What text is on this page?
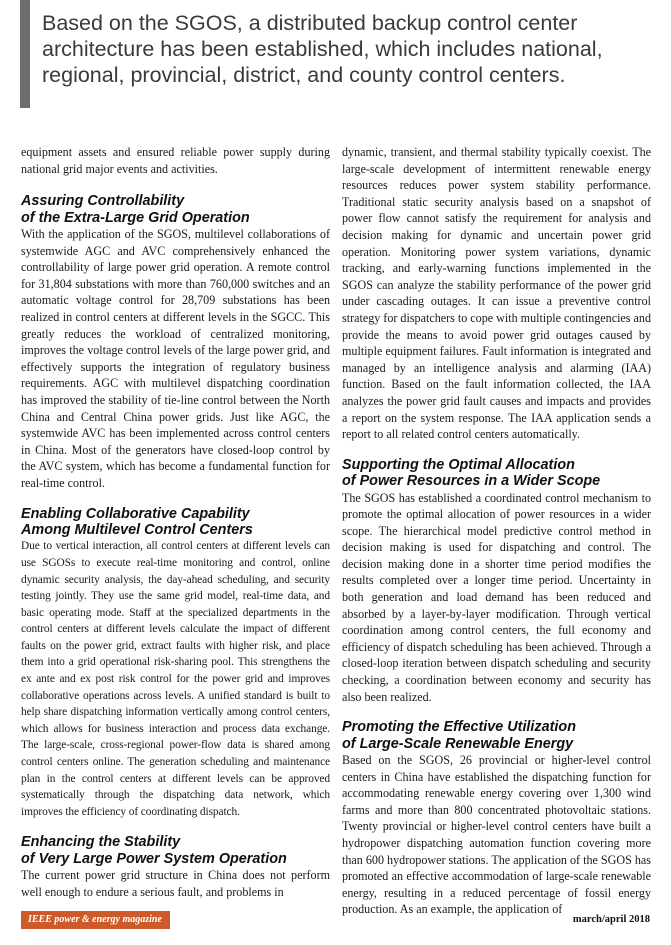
Based on the SGOS, a distributed backup control center architecture has been established, which includes national, regional, provincial, district, and county control centers.

equipment assets and ensured reliable power supply during national grid major events and activities.

Assuring Controllability
of the Extra-Large Grid Operation

With the application of the SGOS, multilevel collaborations of systemwide AGC and AVC comprehensively enhanced the controllability of large power grid operation. A remote control for 31,804 substations with more than 760,000 switches and an automatic voltage control for 28,709 substations has been realized in control centers at different levels in the SGCC. This greatly reduces the workload of centralized monitoring, improves the voltage control levels of the large power grid, and effectively supports the integration of regulatory business requirements. AGC with multilevel dispatching coordination has improved the stability of tie-line control between the North China and Central China power grids. Just like AGC, the systemwide AVC has been implemented across control centers in China. Most of the generators have closed-loop control by the AVC system, which has become a fundamental function for real-time control.

Enabling Collaborative Capability
Among Multilevel Control Centers

Due to vertical interaction, all control centers at different levels can use SGOSs to execute real-time monitoring and control, online dynamic security analysis, the day-ahead scheduling, and security testing jointly. They use the same grid model, real-time data, and basic operating mode. Staff at the specialized departments in the control centers at different levels calculate the impact of different faults on the power grid, extract faults with higher risk, and place them into a grid operational risk-sharing pool. This strengthens the ex ante and ex post risk control for the power grid and improves collaborative operations across levels. A unified standard is built to help share dispatching information vertically among control centers, which allows for business interaction and process data exchange. The large-scale, cross-regional power-flow data is shared among control centers online. The generation scheduling and maintenance plan in the control centers at different levels can be approved systematically through the dispatching data network, which improves the efficiency of coordinating dispatch.

Enhancing the Stability
of Very Large Power System Operation

The current power grid structure in China does not perform well enough to endure a serious fault, and problems in

dynamic, transient, and thermal stability typically coexist. The large-scale development of intermittent renewable energy resources reduces power system stability performance. Traditional static security analysis based on a snapshot of power flow cannot satisfy the requirement for analysis and decision making for dynamic and uncertain power grid operation. Monitoring power system variations, dynamic tracking, and early-warning functions implemented in the SGOS can analyze the stability performance of the power grid under cascading outages. It can issue a preventive control strategy for dispatchers to cope with multiple contingencies and provide the means to avoid power grid outages caused by multiple equipment failures. Fault information is integrated and managed by an intelligence analysis and alarming (IAA) function. Based on the fault information collected, the IAA analyzes the power grid fault causes and impacts and provides a report on the system response. The IAA application sends a report to all related control centers automatically.

Supporting the Optimal Allocation
of Power Resources in a Wider Scope

The SGOS has established a coordinated control mechanism to promote the optimal allocation of power resources in a wider scope. The hierarchical model predictive control method in decision making is used for dispatching and control. The decision making done in a shorter time period modifies the results completed over a longer time period. Uncertainty in both generation and load demand has been reduced and absorbed by a layer-by-layer modification. Through vertical coordination among control centers, the full economy and efficiency of dispatch scheduling has been achieved. Through a closed-loop iteration between dispatch scheduling and security checking, a coordination between economy and security has also been realized.

Promoting the Effective Utilization
of Large-Scale Renewable Energy

Based on the SGOS, 26 provincial or higher-level control centers in China have established the dispatching function for accommodating renewable energy covering over 1,300 wind farms and more than 800 concentrated photovoltaic stations. Twenty provincial or higher-level control centers have built a hydropower dispatching automation function covering more than 600 hydropower stations. The application of the SGOS has promoted an effective accommodation of large-scale renewable energy, resulting in a reduced percentage of fossil energy production. As an example, the application of

IEEE power & energy magazine	march/april 2018
